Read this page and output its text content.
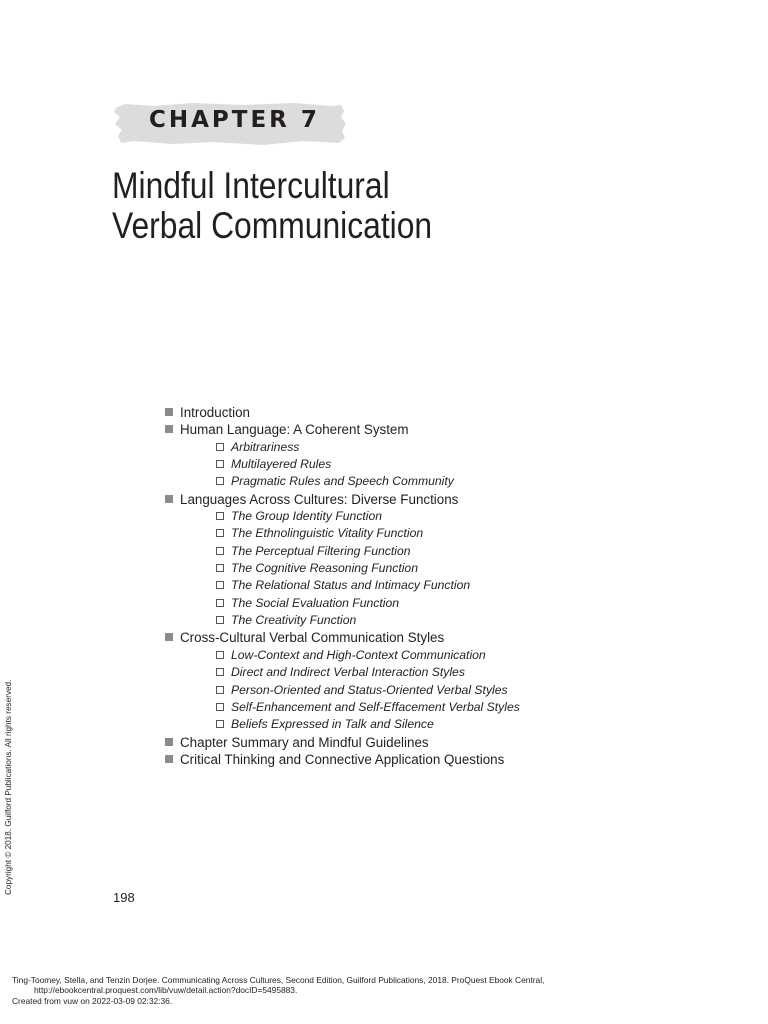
CHAPTER 7
Mindful Intercultural
Verbal Communication
Introduction
Human Language: A Coherent System
Arbitrariness
Multilayered Rules
Pragmatic Rules and Speech Community
Languages Across Cultures: Diverse Functions
The Group Identity Function
The Ethnolinguistic Vitality Function
The Perceptual Filtering Function
The Cognitive Reasoning Function
The Relational Status and Intimacy Function
The Social Evaluation Function
The Creativity Function
Cross-Cultural Verbal Communication Styles
Low-Context and High-Context Communication
Direct and Indirect Verbal Interaction Styles
Person-Oriented and Status-Oriented Verbal Styles
Self-Enhancement and Self-Effacement Verbal Styles
Beliefs Expressed in Talk and Silence
Chapter Summary and Mindful Guidelines
Critical Thinking and Connective Application Questions
198
Copyright © 2018. Guilford Publications. All rights reserved.
Ting-Toomey, Stella, and Tenzin Dorjee. Communicating Across Cultures, Second Edition, Guilford Publications, 2018. ProQuest Ebook Central,
http://ebookcentral.proquest.com/lib/vuw/detail.action?docID=5495883.
Created from vuw on 2022-03-09 02:32:36.
